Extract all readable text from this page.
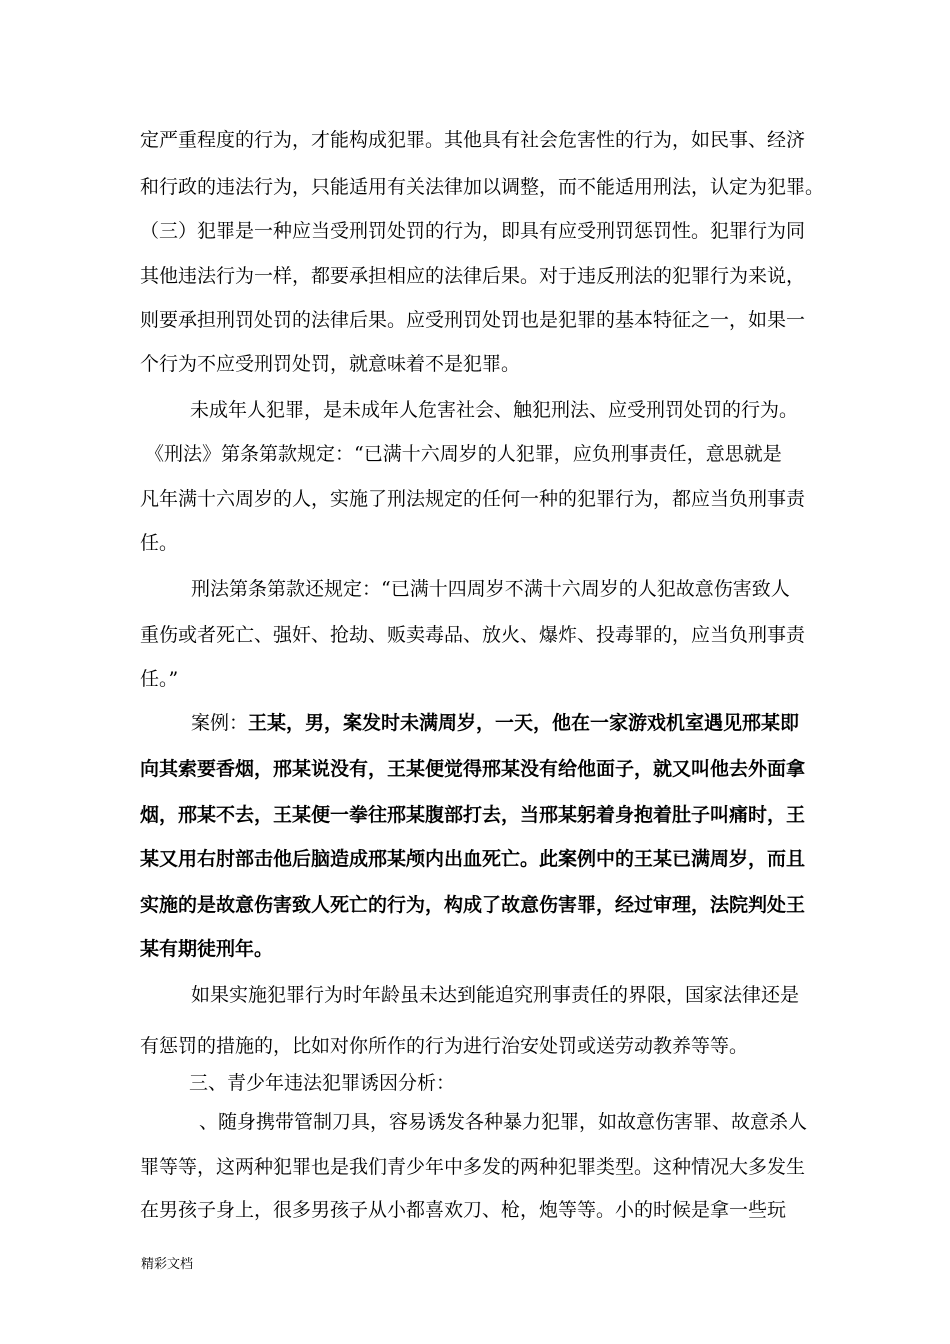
定严重程度的行为，才能构成犯罪。其他具有社会危害性的行为，如民事、经济

和行政的违法行为，只能适用有关法律加以调整，而不能适用刑法，认定为犯罪。

（三）犯罪是一种应当受刑罚处罚的行为，即具有应受刑罚惩罚性。犯罪行为同

其他违法行为一样，都要承担相应的法律后果。对于违反刑法的犯罪行为来说，

则要承担刑罚处罚的法律后果。应受刑罚处罚也是犯罪的基本特征之一，如果一

个行为不应受刑罚处罚，就意味着不是犯罪。

未成年人犯罪，是未成年人危害社会、触犯刑法、应受刑罚处罚的行为。

《刑法》第条第款规定：“已满十六周岁的人犯罪，应负刑事责任，意思就是

凡年满十六周岁的人，实施了刑法规定的任何一种的犯罪行为，都应当负刑事责

任。

刑法第条第款还规定：“已满十四周岁不满十六周岁的人犯故意伤害致人

重伤或者死亡、强奸、抢劫、贩卖毒品、放火、爆炸、投毒罪的，应当负刑事责

任。”

案例：王某，男，案发时未满周岁，一天，他在一家游戏机室遇见邢某即

向其索要香烟，邢某说没有，王某便觉得邢某没有给他面子，就又叫他去外面拿

烟，邢某不去，王某便一拳往邢某腹部打去，当邢某躬着身抱着肚子叫痛时，王

某又用右肘部击他后脑造成邢某颅内出血死亡。此案例中的王某已满周岁，而且

实施的是故意伤害致人死亡的行为，构成了故意伤害罪，经过审理，法院判处王

某有期徒刑年。

如果实施犯罪行为时年龄虽未达到能追究刑事责任的界限，国家法律还是

有惩罚的措施的，比如对你所作的行为进行治安处罚或送劳动教养等等。

三、青少年违法犯罪诱因分析：

、随身携带管制刀具，容易诱发各种暴力犯罪，如故意伤害罪、故意杀人

罪等等，这两种犯罪也是我们青少年中多发的两种犯罪类型。这种情况大多发生

在男孩子身上，很多男孩子从小都喜欢刀、枪，炮等等。小的时候是拿一些玩

精彩文档
